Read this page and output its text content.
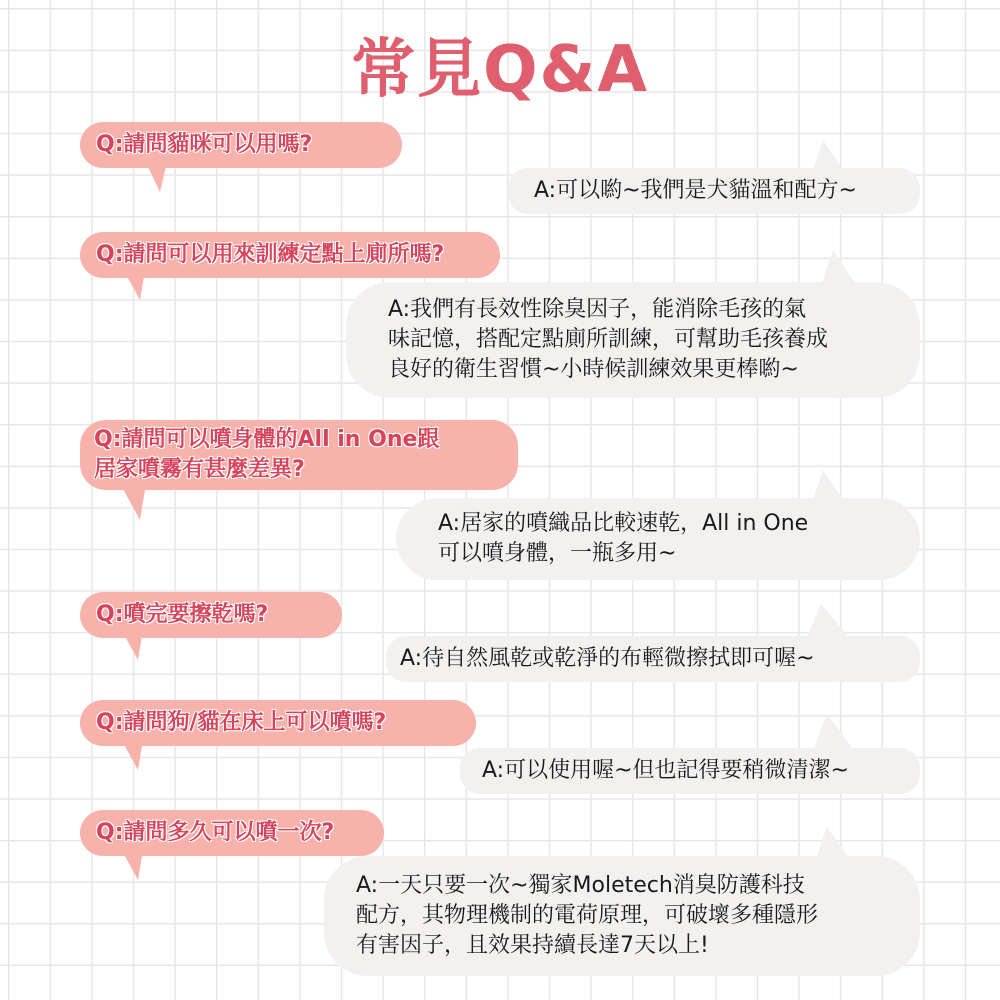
常見Q&A
Q:請問貓咪可以用嗎?
A:可以喲~我們是犬貓溫和配方~
Q:請問可以用來訓練定點上廁所嗎?
A:我們有長效性除臭因子，能消除毛孩的氣
味記憶，搭配定點廁所訓練，可幫助毛孩養成
良好的衛生習慣~小時候訓練效果更棒喲~
Q:請問可以噴身體的All in One跟
居家噴霧有甚麼差異?
A:居家的噴織品比較速乾，All in One
可以噴身體，一瓶多用~
Q:噴完要擦乾嗎?
A:待自然風乾或乾淨的布輕微擦拭即可喔~
Q:請問狗/貓在床上可以噴嗎?
A:可以使用喔~但也記得要稍微清潔~
Q:請問多久可以噴一次?
A:一天只要一次~獨家Moletech消臭防護科技
配方，其物理機制的電荷原理，可破壞多種隱形
有害因子，且效果持續長達7天以上!
